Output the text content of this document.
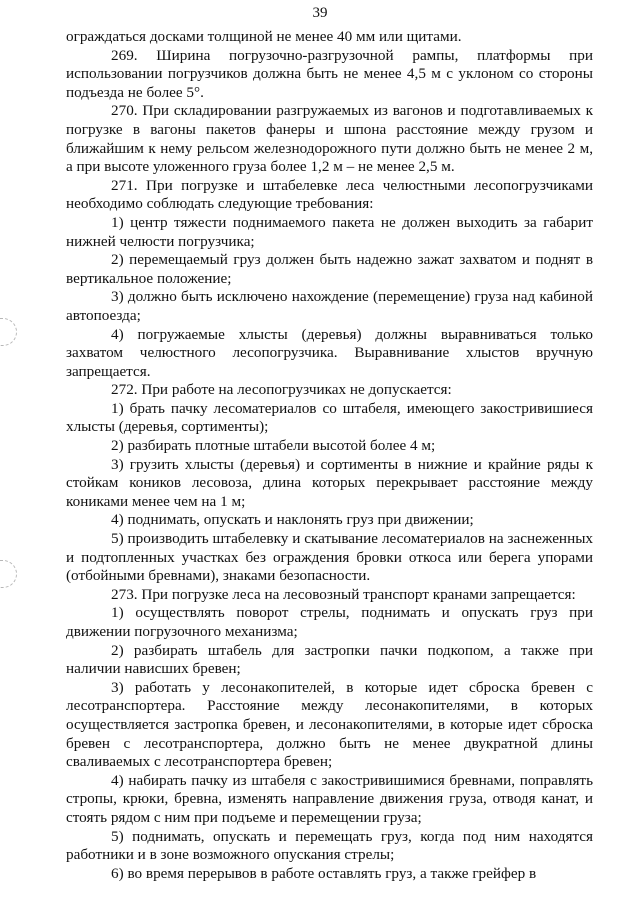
39

ограждаться досками толщиной не менее 40 мм или щитами.

269. Ширина погрузочно-разгрузочной рампы, платформы при использовании погрузчиков должна быть не менее 4,5 м с уклоном со стороны подъезда не более 5°.

270. При складировании разгружаемых из вагонов и подготавливаемых к погрузке в вагоны пакетов фанеры и шпона расстояние между грузом и ближайшим к нему рельсом железнодорожного пути должно быть не менее 2 м, а при высоте уложенного груза более 1,2 м – не менее 2,5 м.

271. При погрузке и штабелевке леса челюстными лесопогрузчиками необходимо соблюдать следующие требования:

1) центр тяжести поднимаемого пакета не должен выходить за габарит нижней челюсти погрузчика;

2) перемещаемый груз должен быть надежно зажат захватом и поднят в вертикальное положение;

3) должно быть исключено нахождение (перемещение) груза над кабиной автопоезда;

4) погружаемые хлысты (деревья) должны выравниваться только захватом челюстного лесопогрузчика. Выравнивание хлыстов вручную запрещается.

272. При работе на лесопогрузчиках не допускается:

1) брать пачку лесоматериалов со штабеля, имеющего закостривишиеся хлысты (деревья, сортименты);

2) разбирать плотные штабели высотой более 4 м;

3) грузить хлысты (деревья) и сортименты в нижние и крайние ряды к стойкам коников лесовоза, длина которых перекрывает расстояние между кониками менее чем на 1 м;

4) поднимать, опускать и наклонять груз при движении;

5) производить штабелевку и скатывание лесоматериалов на заснеженных и подтопленных участках без ограждения бровки откоса или берега упорами (отбойными бревнами), знаками безопасности.

273. При погрузке леса на лесовозный транспорт кранами запрещается:

1) осуществлять поворот стрелы, поднимать и опускать груз при движении погрузочного механизма;

2) разбирать штабель для застропки пачки подкопом, а также при наличии нависших бревен;

3) работать у лесонакопителей, в которые идет сброска бревен с лесотранспортера. Расстояние между лесонакопителями, в которых осуществляется застропка бревен, и лесонакопителями, в которые идет сброска бревен с лесотранспортера, должно быть не менее двукратной длины сваливаемых с лесотранспортера бревен;

4) набирать пачку из штабеля с закостривишимися бревнами, поправлять стропы, крюки, бревна, изменять направление движения груза, отводя канат, и стоять рядом с ним при подъеме и перемещении груза;

5) поднимать, опускать и перемещать груз, когда под ним находятся работники и в зоне возможного опускания стрелы;

6) во время перерывов в работе оставлять груз, а также грейфер в
